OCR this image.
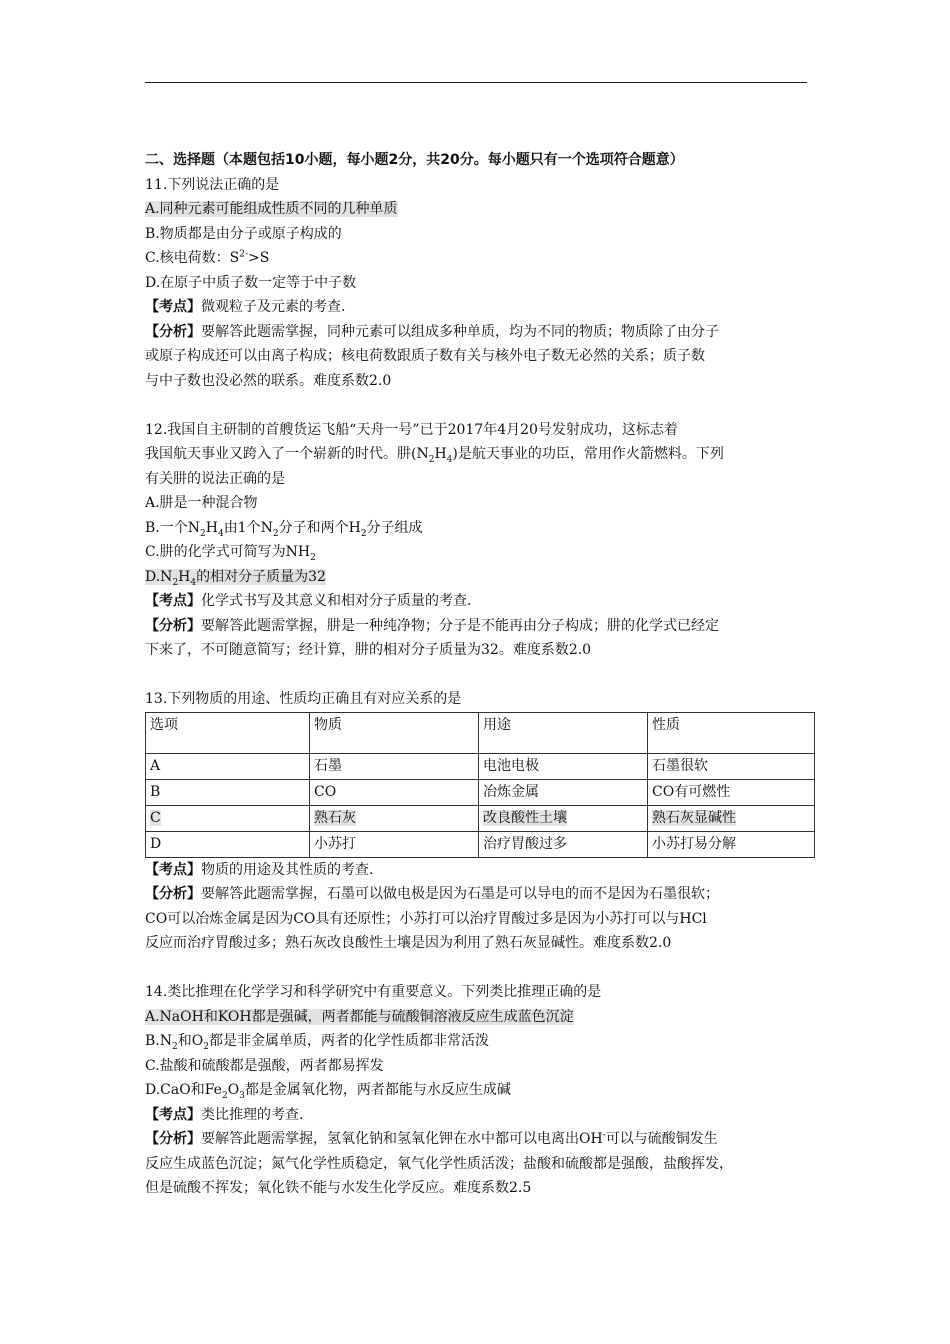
二、选择题（本题包括10小题，每小题2分，共20分。每小题只有一个选项符合题意）
11.下列说法正确的是
A.同种元素可能组成性质不同的几种单质
B.物质都是由分子或原子构成的
C.核电荷数：$S^{2-}>S$
D.在原子中质子数一定等于中子数
【考点】微观粒子及元素的考查.
【分析】要解答此题需掌握，同种元素可以组成多种单质，均为不同的物质；物质除了由分子
或原子构成还可以由离子构成；核电荷数跟质子数有关与核外电子数无必然的关系；质子数
与中子数也没必然的联系。难度系数2.0
12.我国自主研制的首艘货运飞船“天舟一号”已于2017年4月20号发射成功，这标志着
我国航天事业又跨入了一个崭新的时代。肼$(N_2H_4)$是航天事业的功臣，常用作火箭燃料。下列
有关肼的说法正确的是
A.肼是一种混合物
B.一个$N_2H_4$由1个$N_2$分子和两个$H_2$分子组成
C.肼的化学式可简写为$NH_2$
$D.N_2H_4$的相对分子质量为32
【考点】化学式书写及其意义和相对分子质量的考查.
【分析】要解答此题需掌握，肼是一种纯净物；分子是不能再由分子构成；肼的化学式已经定
下来了，不可随意简写；经计算，肼的相对分子质量为32。难度系数2.0
13.下列物质的用途、性质均正确且有对应关系的是
选项	物质	用途	性质
A	石墨	电池电极	石墨很软
B	CO	冶炼金属	CO有可燃性
C	熟石灰	改良酸性土壤	熟石灰显碱性
D	小苏打	治疗胃酸过多	小苏打易分解
【考点】物质的用途及其性质的考查.
【分析】要解答此题需掌握，石墨可以做电极是因为石墨是可以导电的而不是因为石墨很软；
CO可以冶炼金属是因为CO具有还原性；小苏打可以治疗胃酸过多是因为小苏打可以与HCl
反应而治疗胃酸过多；熟石灰改良酸性土壤是因为利用了熟石灰显碱性。难度系数2.0
14.类比推理在化学学习和科学研究中有重要意义。下列类比推理正确的是
A.NaOH和KOH都是强碱，两者都能与硫酸铜溶液反应生成蓝色沉淀
$B.N_2$和$O_2$都是非金属单质，两者的化学性质都非常活泼
C.盐酸和硫酸都是强酸，两者都易挥发
D.CaO和$Fe_2O_3$都是金属氧化物，两者都能与水反应生成碱
【考点】类比推理的考查.
【分析】要解答此题需掌握，氢氧化钠和氢氧化钾在水中都可以电离出OH-可以与硫酸铜发生
反应生成蓝色沉淀；氮气化学性质稳定，氧气化学性质活泼；盐酸和硫酸都是强酸，盐酸挥发，
但是硫酸不挥发；氧化铁不能与水发生化学反应。难度系数2.5
